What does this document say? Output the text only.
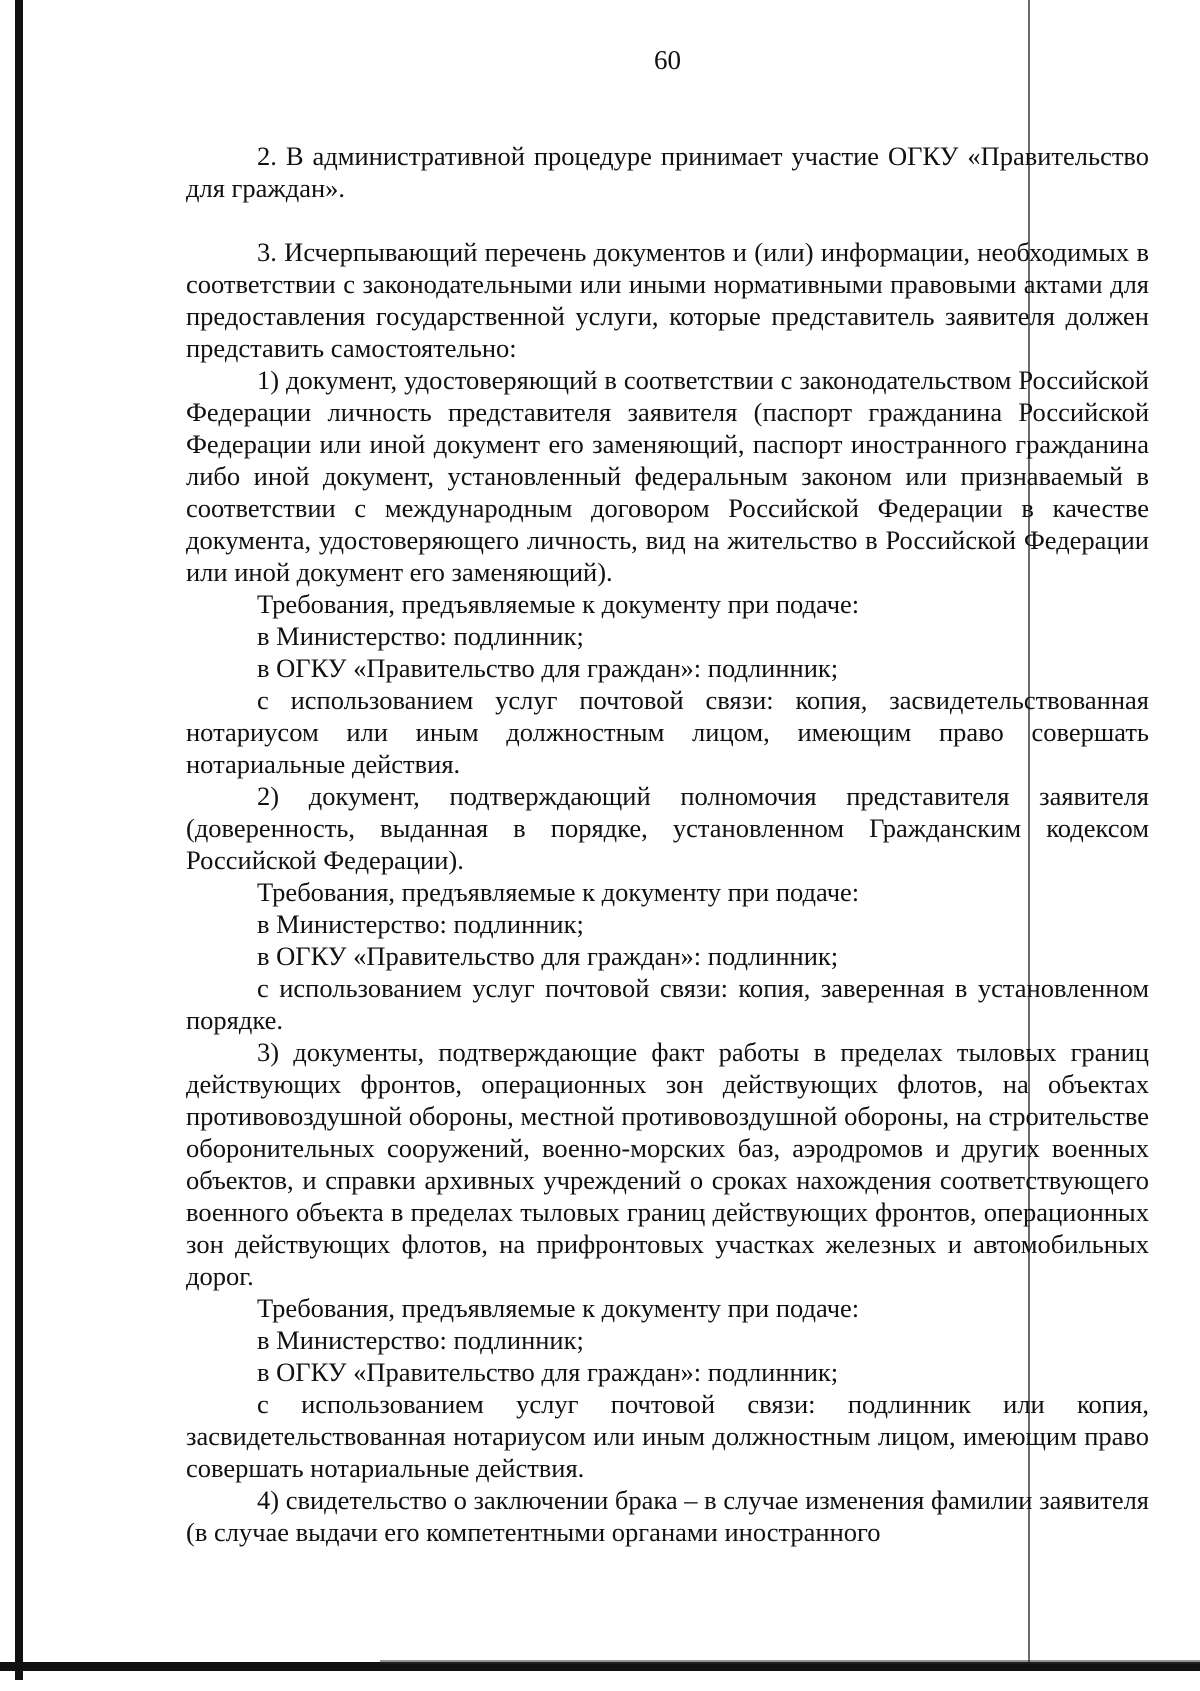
60

2. В административной процедуре принимает участие ОГКУ «Правительство для граждан».

3. Исчерпывающий перечень документов и (или) информации, необходимых в соответствии с законодательными или иными нормативными правовыми актами для предоставления государственной услуги, которые представитель заявителя должен представить самостоятельно:

1) документ, удостоверяющий в соответствии с законодательством Российской Федерации личность представителя заявителя (паспорт гражданина Российской Федерации или иной документ его заменяющий, паспорт иностранного гражданина либо иной документ, установленный федеральным законом или признаваемый в соответствии с международным договором Российской Федерации в качестве документа, удостоверяющего личность, вид на жительство в Российской Федерации или иной документ его заменяющий).

Требования, предъявляемые к документу при подаче:

в Министерство: подлинник;

в ОГКУ «Правительство для граждан»: подлинник;

с использованием услуг почтовой связи: копия, засвидетельствованная нотариусом или иным должностным лицом, имеющим право совершать нотариальные действия.

2) документ, подтверждающий полномочия представителя заявителя (доверенность, выданная в порядке, установленном Гражданским кодексом Российской Федерации).

Требования, предъявляемые к документу при подаче:

в Министерство: подлинник;

в ОГКУ «Правительство для граждан»: подлинник;

с использованием услуг почтовой связи: копия, заверенная в установленном порядке.

3) документы, подтверждающие факт работы в пределах тыловых границ действующих фронтов, операционных зон действующих флотов, на объектах противовоздушной обороны, местной противовоздушной обороны, на строительстве оборонительных сооружений, военно-морских баз, аэродромов и других военных объектов, и справки архивных учреждений о сроках нахождения соответствующего военного объекта в пределах тыловых границ действующих фронтов, операционных зон действующих флотов, на прифронтовых участках железных и автомобильных дорог.

Требования, предъявляемые к документу при подаче:

в Министерство: подлинник;

в ОГКУ «Правительство для граждан»: подлинник;

с использованием услуг почтовой связи: подлинник или копия, засвидетельствованная нотариусом или иным должностным лицом, имеющим право совершать нотариальные действия.

4) свидетельство о заключении брака – в случае изменения фамилии заявителя (в случае выдачи его компетентными органами иностранного
